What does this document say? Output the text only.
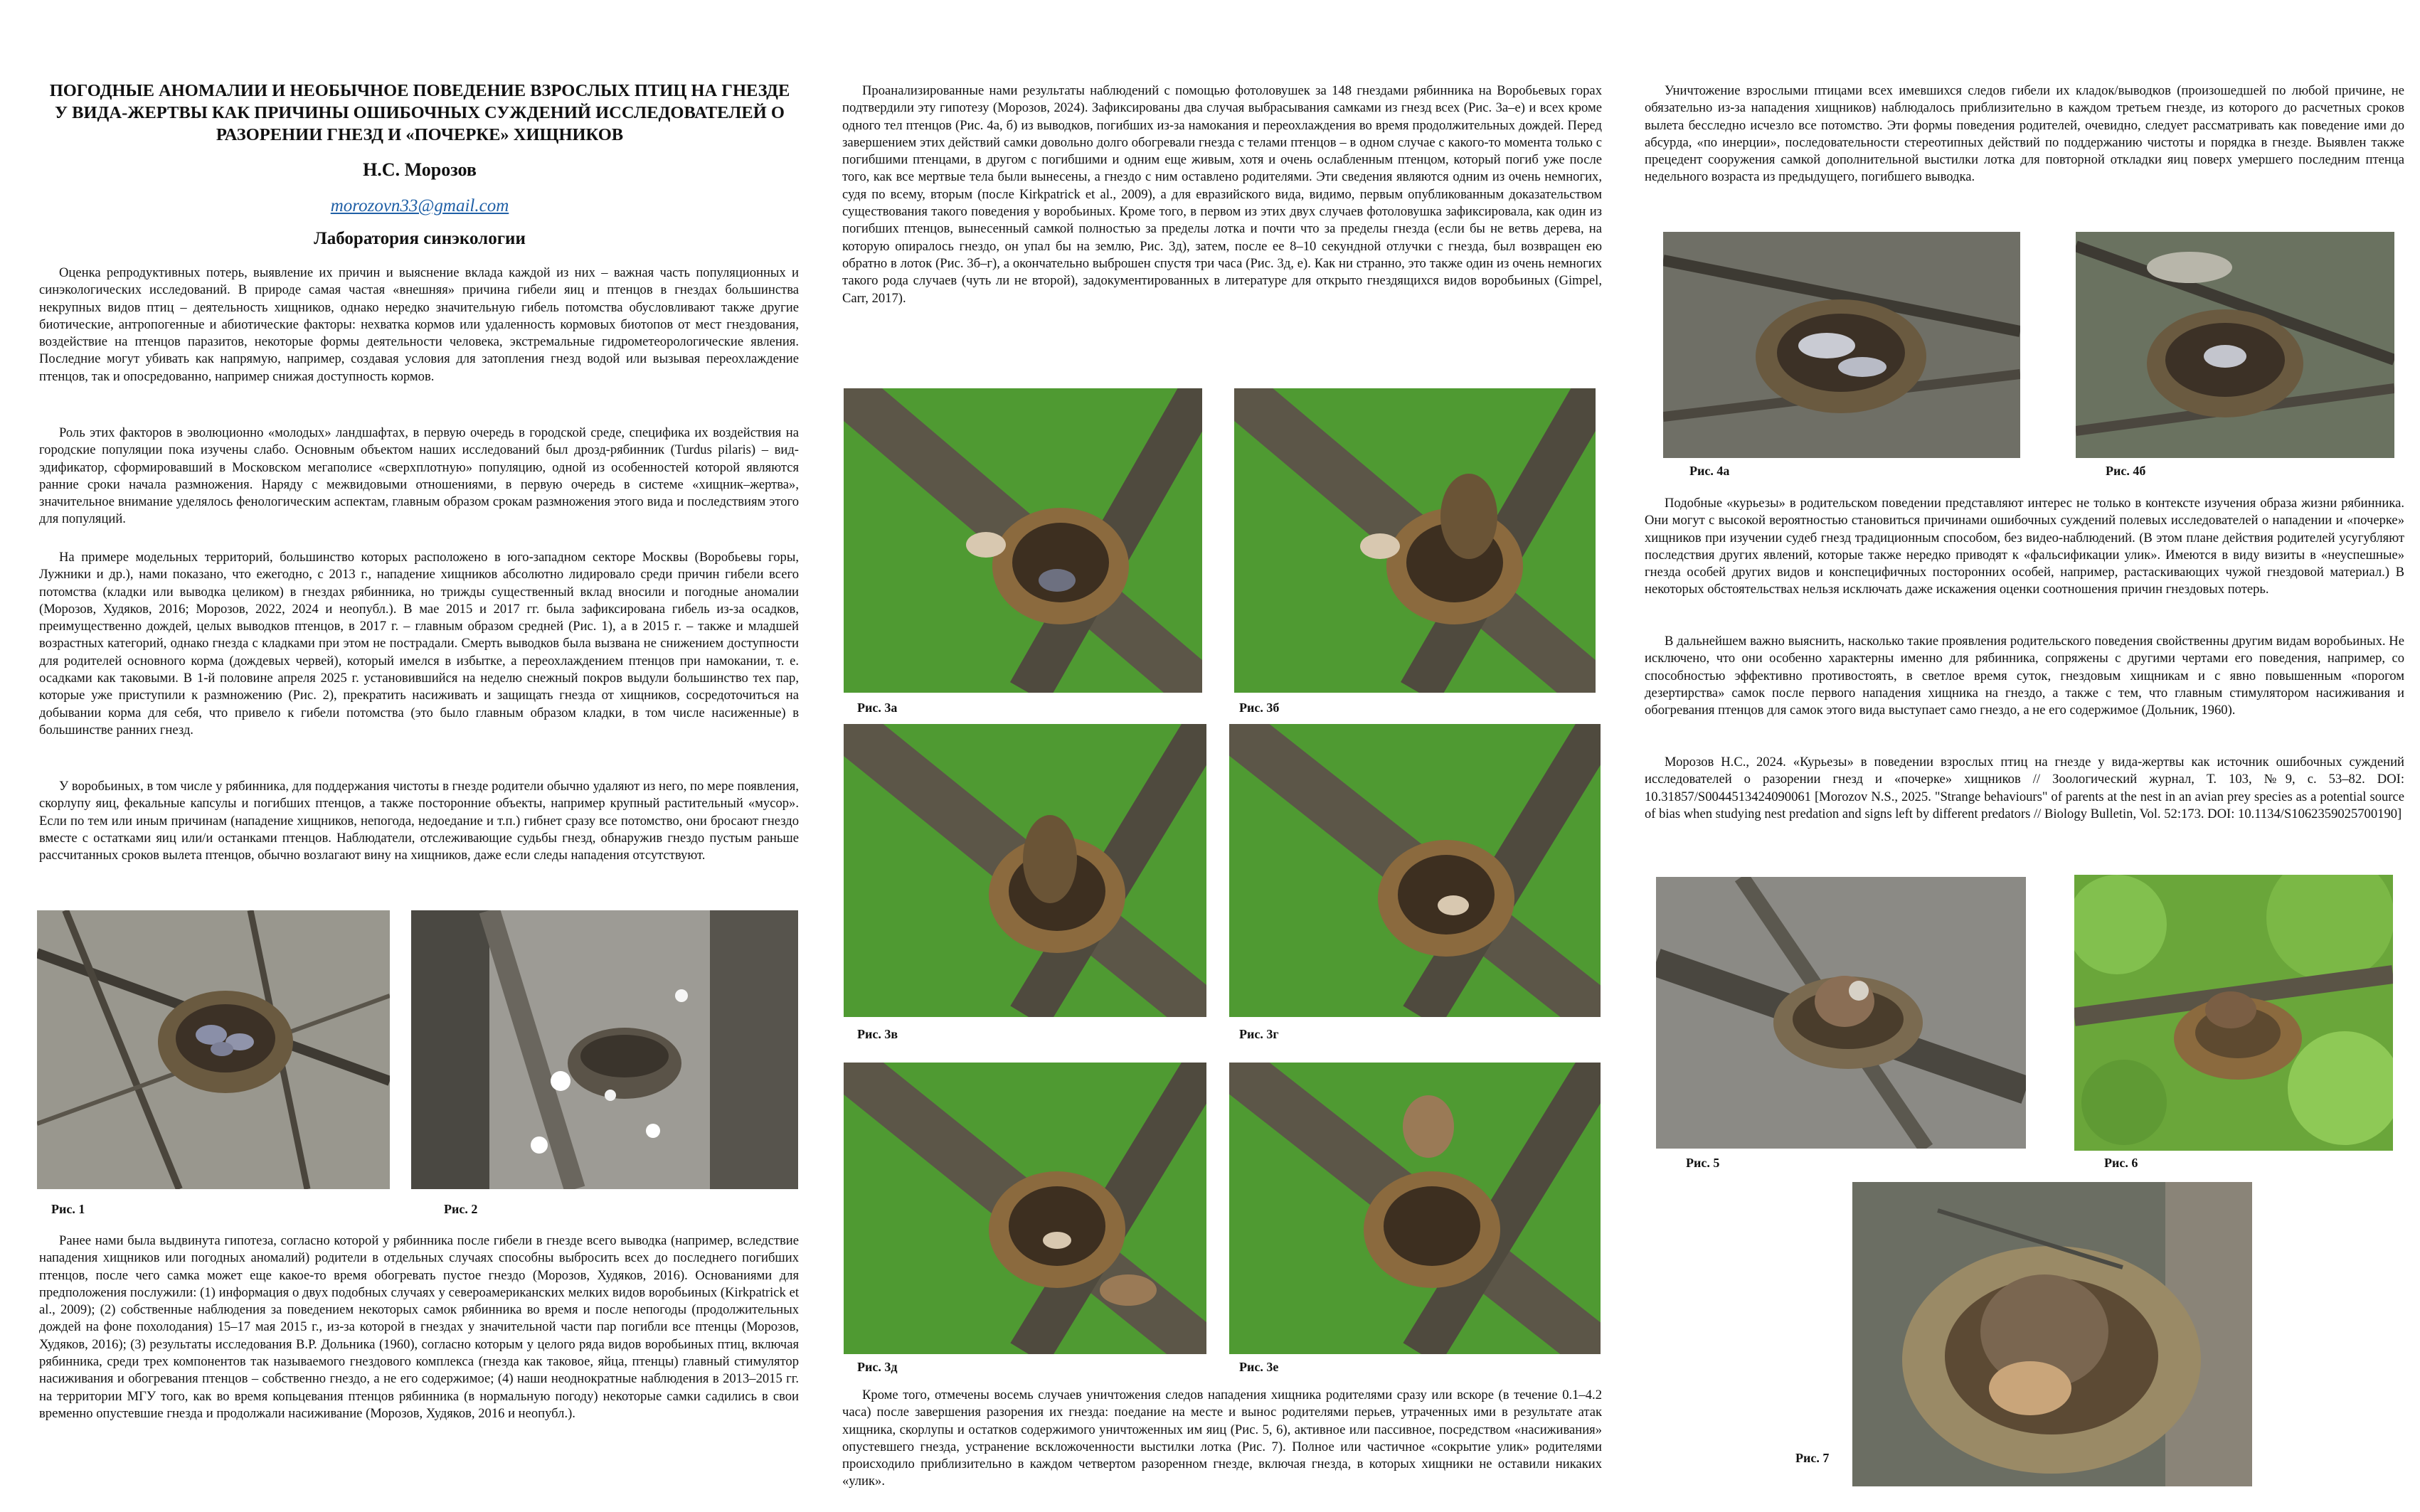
ПОГОДНЫЕ АНОМАЛИИ И НЕОБЫЧНОЕ ПОВЕДЕНИЕ ВЗРОСЛЫХ ПТИЦ НА ГНЕЗДЕ У ВИДА-ЖЕРТВЫ КАК ПРИЧИНЫ ОШИБОЧНЫХ СУЖДЕНИЙ ИССЛЕДОВАТЕЛЕЙ О РАЗОРЕНИИ ГНЕЗД И «ПОЧЕРКЕ» ХИЩНИКОВ
Н.С. Морозов
morozovn33@gmail.com
Лаборатория синэкологии

Оценка репродуктивных потерь, выявление их причин и выяснение вклада каждой из них – важная часть популяционных и синэкологических исследований. В природе самая частая «внешняя» причина гибели яиц и птенцов в гнездах большинства некрупных видов птиц – деятельность хищников, однако нередко значительную гибель потомства обусловливают также другие биотические, антропогенные и абиотические факторы: нехватка кормов или удаленность кормовых биотопов от мест гнездования, воздействие на птенцов паразитов, некоторые формы деятельности человека, экстремальные гидрометеорологические явления. Последние могут убивать как напрямую, например, создавая условия для затопления гнезд водой или вызывая переохлаждение птенцов, так и опосредованно, например снижая доступность кормов.

Роль этих факторов в эволюционно «молодых» ландшафтах, в первую очередь в городской среде, специфика их воздействия на городские популяции пока изучены слабо. Основным объектом наших исследований был дрозд-рябинник (Turdus pilaris) – вид-эдификатор, сформировавший в Московском мегаполисе «сверхплотную» популяцию, одной из особенностей которой являются ранние сроки начала размножения. Наряду с межвидовыми отношениями, в первую очередь в системе «хищник–жертва», значительное внимание уделялось фенологическим аспектам, главным образом срокам размножения этого вида и последствиям этого для популяций.

На примере модельных территорий, большинство которых расположено в юго-западном секторе Москвы (Воробьевы горы, Лужники и др.), нами показано, что ежегодно, с 2013 г., нападение хищников абсолютно лидировало среди причин гибели всего потомства (кладки или выводка целиком) в гнездах рябинника, но трижды существенный вклад вносили и погодные аномалии (Морозов, Худяков, 2016; Морозов, 2022, 2024 и неопубл.). В мае 2015 и 2017 гг. была зафиксирована гибель из-за осадков, преимущественно дождей, целых выводков птенцов, в 2017 г. – главным образом средней (Рис. 1), а в 2015 г. – также и младшей возрастных категорий, однако гнезда с кладками при этом не пострадали. Смерть выводков была вызвана не снижением доступности для родителей основного корма (дождевых червей), который имелся в избытке, а переохлаждением птенцов при намокании, т. е. осадками как таковыми. В 1-й половине апреля 2025 г. установившийся на неделю снежный покров выдули большинство тех пар, которые уже приступили к размножению (Рис. 2), прекратить насиживать и защищать гнезда от хищников, сосредоточиться на добывании корма для себя, что привело к гибели потомства (это было главным образом кладки, в том числе насиженные) в большинстве ранних гнезд.

У воробьиных, в том числе у рябинника, для поддержания чистоты в гнезде родители обычно удаляют из него, по мере появления, скорлупу яиц, фекальные капсулы и погибших птенцов, а также посторонние объекты, например крупный растительный «мусор». Если по тем или иным причинам (нападение хищников, непогода, недоедание и т.п.) гибнет сразу все потомство, они бросают гнездо вместе с остатками яиц или/и останками птенцов. Наблюдатели, отслеживающие судьбы гнезд, обнаружив гнездо пустым раньше рассчитанных сроков вылета птенцов, обычно возлагают вину на хищников, даже если следы нападения отсутствуют.

Рис. 1	Рис. 2

Ранее нами была выдвинута гипотеза, согласно которой у рябинника после гибели в гнезде всего выводка (например, вследствие нападения хищников или погодных аномалий) родители в отдельных случаях способны выбросить всех до последнего погибших птенцов, после чего самка может еще какое-то время обогревать пустое гнездо (Морозов, Худяков, 2016). Основаниями для предположения послужили: (1) информация о двух подобных случаях у североамериканских мелких видов воробьиных (Kirkpatrick et al., 2009); (2) собственные наблюдения за поведением некоторых самок рябинника во время и после непогоды (продолжительных дождей на фоне похолодания) 15–17 мая 2015 г., из-за которой в гнездах у значительной части пар погибли все птенцы (Морозов, Худяков, 2016); (3) результаты исследования В.Р. Дольника (1960), согласно которым у целого ряда видов воробьиных птиц, включая рябинника, среди трех компонентов так называемого гнездового комплекса (гнезда как таковое, яйца, птенцы) главный стимулятор насиживания и обогревания птенцов – собственно гнездо, а не его содержимое; (4) наши неоднократные наблюдения в 2013–2015 гг. на территории МГУ того, как во время копьцевания птенцов рябинника (в нормальную погоду) некоторые самки садились в свои временно опустевшие гнезда и продолжали насиживание (Морозов, Худяков, 2016 и неопубл.).

Проанализированные нами результаты наблюдений с помощью фотоловушек за 148 гнездами рябинника на Воробьевых горах подтвердили эту гипотезу (Морозов, 2024). Зафиксированы два случая выбрасывания самками из гнезд всех (Рис. 3а–е) и всех кроме одного тел птенцов (Рис. 4а, б) из выводков, погибших из-за намокания и переохлаждения во время продолжительных дождей. Перед завершением этих действий самки довольно долго обогревали гнезда с телами птенцов – в одном случае с какого-то момента только с погибшими птенцами, в другом с погибшими и одним еще живым, хотя и очень ослабленным птенцом, который погиб уже после того, как все мертвые тела были вынесены, а гнездо с ним оставлено родителями. Эти сведения являются одним из очень немногих, судя по всему, вторым (после Kirkpatrick et al., 2009), а для евразийского вида, видимо, первым опубликованным доказательством существования такого поведения у воробьиных. Кроме того, в первом из этих двух случаев фотоловушка зафиксировала, как один из погибших птенцов, вынесенный самкой полностью за пределы лотка и почти что за пределы гнезда (если бы не ветвь дерева, на которую опиралось гнездо, он упал бы на землю, Рис. 3д), затем, после ее 8–10 секундной отлучки с гнезда, был возвращен ею обратно в лоток (Рис. 3б–г), а окончательно выброшен спустя три часа (Рис. 3д, е). Как ни странно, это также один из очень немногих такого рода случаев (чуть ли не второй), задокументированных в литературе для открыто гнездящихся видов воробьиных (Gimpel, Carr, 2017).

Рис. 3а	Рис. 3б
Рис. 3в	Рис. 3г
Рис. 3д	Рис. 3е

Кроме того, отмечены восемь случаев уничтожения следов нападения хищника родителями сразу или вскоре (в течение 0.1–4.2 часа) после завершения разорения их гнезда: поедание на месте и вынос родителями перьев, утраченных ими в результате атак хищника, скорлупы и остатков содержимого уничтоженных им яиц (Рис. 5, 6), активное или пассивное, посредством «насиживания» опустевшего гнезда, устранение вскложоченности выстилки лотка (Рис. 7). Полное или частичное «сокрытие улик» родителями происходило приблизительно в каждом четвертом разоренном гнезде, включая гнезда, в которых хищники не оставили никаких «улик».

Уничтожение взрослыми птицами всех имевшихся следов гибели их кладок/выводков (произошедшей по любой причине, не обязательно из-за нападения хищников) наблюдалось приблизительно в каждом третьем гнезде, из которого до расчетных сроков вылета бесследно исчезло все потомство. Эти формы поведения родителей, очевидно, следует рассматривать как поведение ими до абсурда, «по инерции», последовательности стереотипных действий по поддержанию чистоты и порядка в гнезде. Выявлен также прецедент сооружения самкой дополнительной выстилки лотка для повторной откладки яиц поверх умершего последним птенца недельного возраста из предыдущего, погибшего выводка.

Рис. 4а	Рис. 4б

Подобные «курьезы» в родительском поведении представляют интерес не только в контексте изучения образа жизни рябинника. Они могут с высокой вероятностью становиться причинами ошибочных суждений полевых исследователей о нападении и «почерке» хищников при изучении судеб гнезд традиционным способом, без видео-наблюдений. (В этом плане действия родителей усугубляют последствия других явлений, которые также нередко приводят к «фальсификации улик». Имеются в виду визиты в «неуспешные» гнезда особей других видов и конспецифичных посторонних особей, например, растаскивающих чужой гнездовой материал.) В некоторых обстоятельствах нельзя исключать даже искажения оценки соотношения причин гнездовых потерь.

В дальнейшем важно выяснить, насколько такие проявления родительского поведения свойственны другим видам воробьиных. Не исключено, что они особенно характерны именно для рябинника, сопряжены с другими чертами его поведения, например, со способностью эффективно противостоять, в светлое время суток, гнездовым хищникам и с явно повышенным «порогом дезертирства» самок после первого нападения хищника на гнездо, а также с тем, что главным стимулятором насиживания и обогревания птенцов для самок этого вида выступает само гнездо, а не его содержимое (Дольник, 1960).

Морозов Н.С., 2024. «Курьезы» в поведении взрослых птиц на гнезде у вида-жертвы как источник ошибочных суждений исследователей о разорении гнезд и «почерке» хищников // Зоологический журнал, Т. 103, №9, с. 53–82. DOI: 10.31857/S0044513424090061 [Morozov N.S., 2025. "Strange behaviours" of parents at the nest in an avian prey species as a potential source of bias when studying nest predation and signs left by different predators // Biology Bulletin, Vol. 52:173. DOI: 10.1134/S1062359025700190]

Рис. 5	Рис. 6
Рис. 7
